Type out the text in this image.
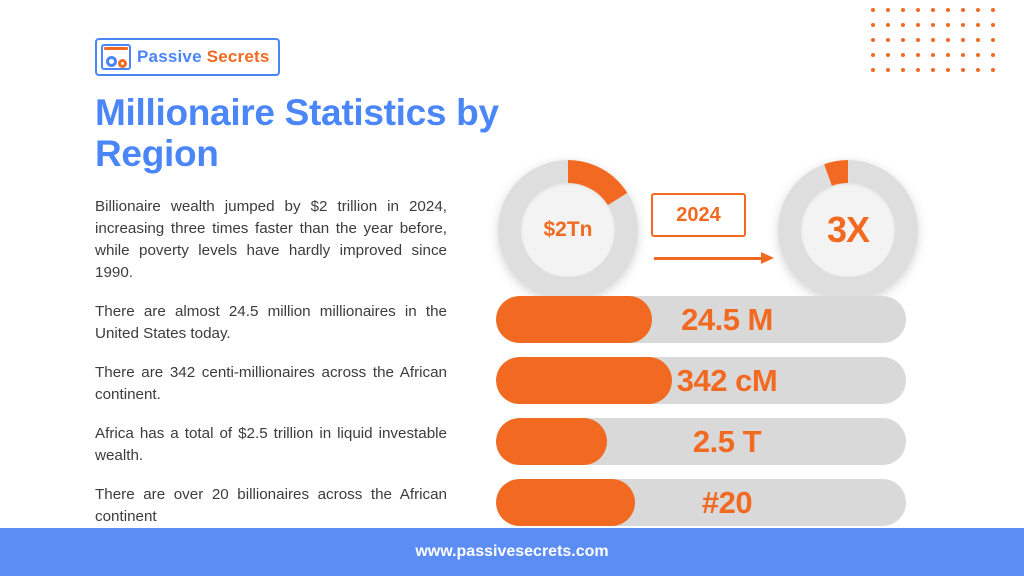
Passive Secrets
Millionaire Statistics by Region

Billionaire wealth jumped by $2 trillion in 2024, increasing three times faster than the year before, while poverty levels have hardly improved since 1990.

There are almost 24.5 million millionaires in the United States today.

There are 342 centi-millionaires across the African continent.

Africa has a total of $2.5 trillion in liquid investable wealth.

There are over 20 billionaires across the African continent

$2Tn
2024	3X
24.5 M
342 cM
2.5 T
#20
www.passivesecrets.com
